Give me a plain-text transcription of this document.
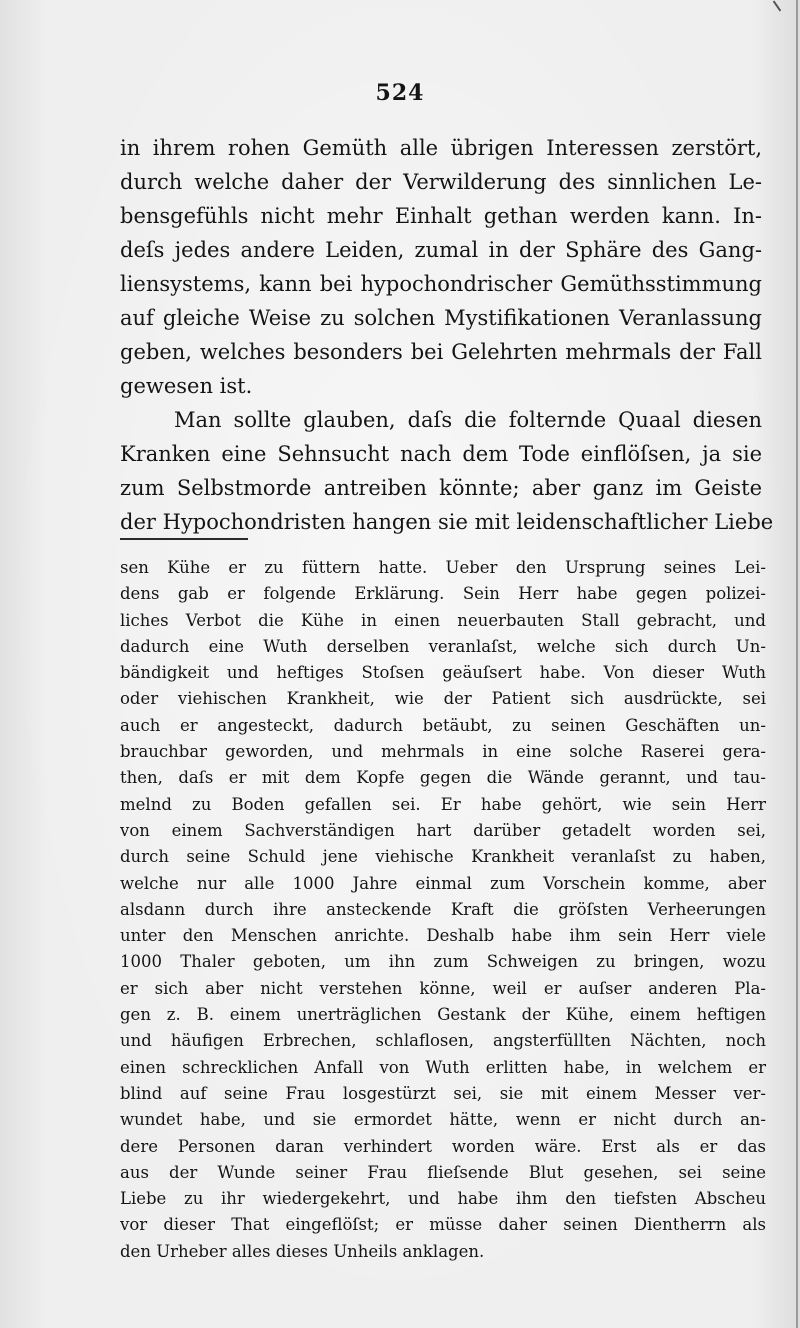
524
in ihrem rohen Gemüth alle übrigen Interessen zerstört,
durch welche daher der Verwilderung des sinnlichen Le-
bensgefühls nicht mehr Einhalt gethan werden kann. In-
deſs jedes andere Leiden, zumal in der Sphäre des Gang-
liensystems, kann bei hypochondrischer Gemüthsstimmung
auf gleiche Weise zu solchen Mystifikationen Veranlassung
geben, welches besonders bei Gelehrten mehrmals der Fall
gewesen ist.
Man sollte glauben, daſs die folternde Quaal diesen
Kranken eine Sehnsucht nach dem Tode einflöſsen, ja sie
zum Selbstmorde antreiben könnte; aber ganz im Geiste
der Hypochondristen hangen sie mit leidenschaftlicher Liebe
sen Kühe er zu füttern hatte. Ueber den Ursprung seines Lei-
dens gab er folgende Erklärung. Sein Herr habe gegen polizei-
liches Verbot die Kühe in einen neuerbauten Stall gebracht, und
dadurch eine Wuth derselben veranlaſst, welche sich durch Un-
bändigkeit und heftiges Stoſsen geäuſsert habe. Von dieser Wuth
oder viehischen Krankheit, wie der Patient sich ausdrückte, sei
auch er angesteckt, dadurch betäubt, zu seinen Geschäften un-
brauchbar geworden, und mehrmals in eine solche Raserei gera-
then, daſs er mit dem Kopfe gegen die Wände gerannt, und tau-
melnd zu Boden gefallen sei. Er habe gehört, wie sein Herr
von einem Sachverständigen hart darüber getadelt worden sei,
durch seine Schuld jene viehische Krankheit veranlaſst zu haben,
welche nur alle 1000 Jahre einmal zum Vorschein komme, aber
alsdann durch ihre ansteckende Kraft die gröſsten Verheerungen
unter den Menschen anrichte. Deshalb habe ihm sein Herr viele
1000 Thaler geboten, um ihn zum Schweigen zu bringen, wozu
er sich aber nicht verstehen könne, weil er auſser anderen Pla-
gen z. B. einem unerträglichen Gestank der Kühe, einem heftigen
und häufigen Erbrechen, schlaflosen, angsterfüllten Nächten, noch
einen schrecklichen Anfall von Wuth erlitten habe, in welchem er
blind auf seine Frau losgestürzt sei, sie mit einem Messer ver-
wundet habe, und sie ermordet hätte, wenn er nicht durch an-
dere Personen daran verhindert worden wäre. Erst als er das
aus der Wunde seiner Frau flieſsende Blut gesehen, sei seine
Liebe zu ihr wiedergekehrt, und habe ihm den tiefsten Abscheu
vor dieser That eingeflöſst; er müsse daher seinen Dientherrn als
den Urheber alles dieses Unheils anklagen.
